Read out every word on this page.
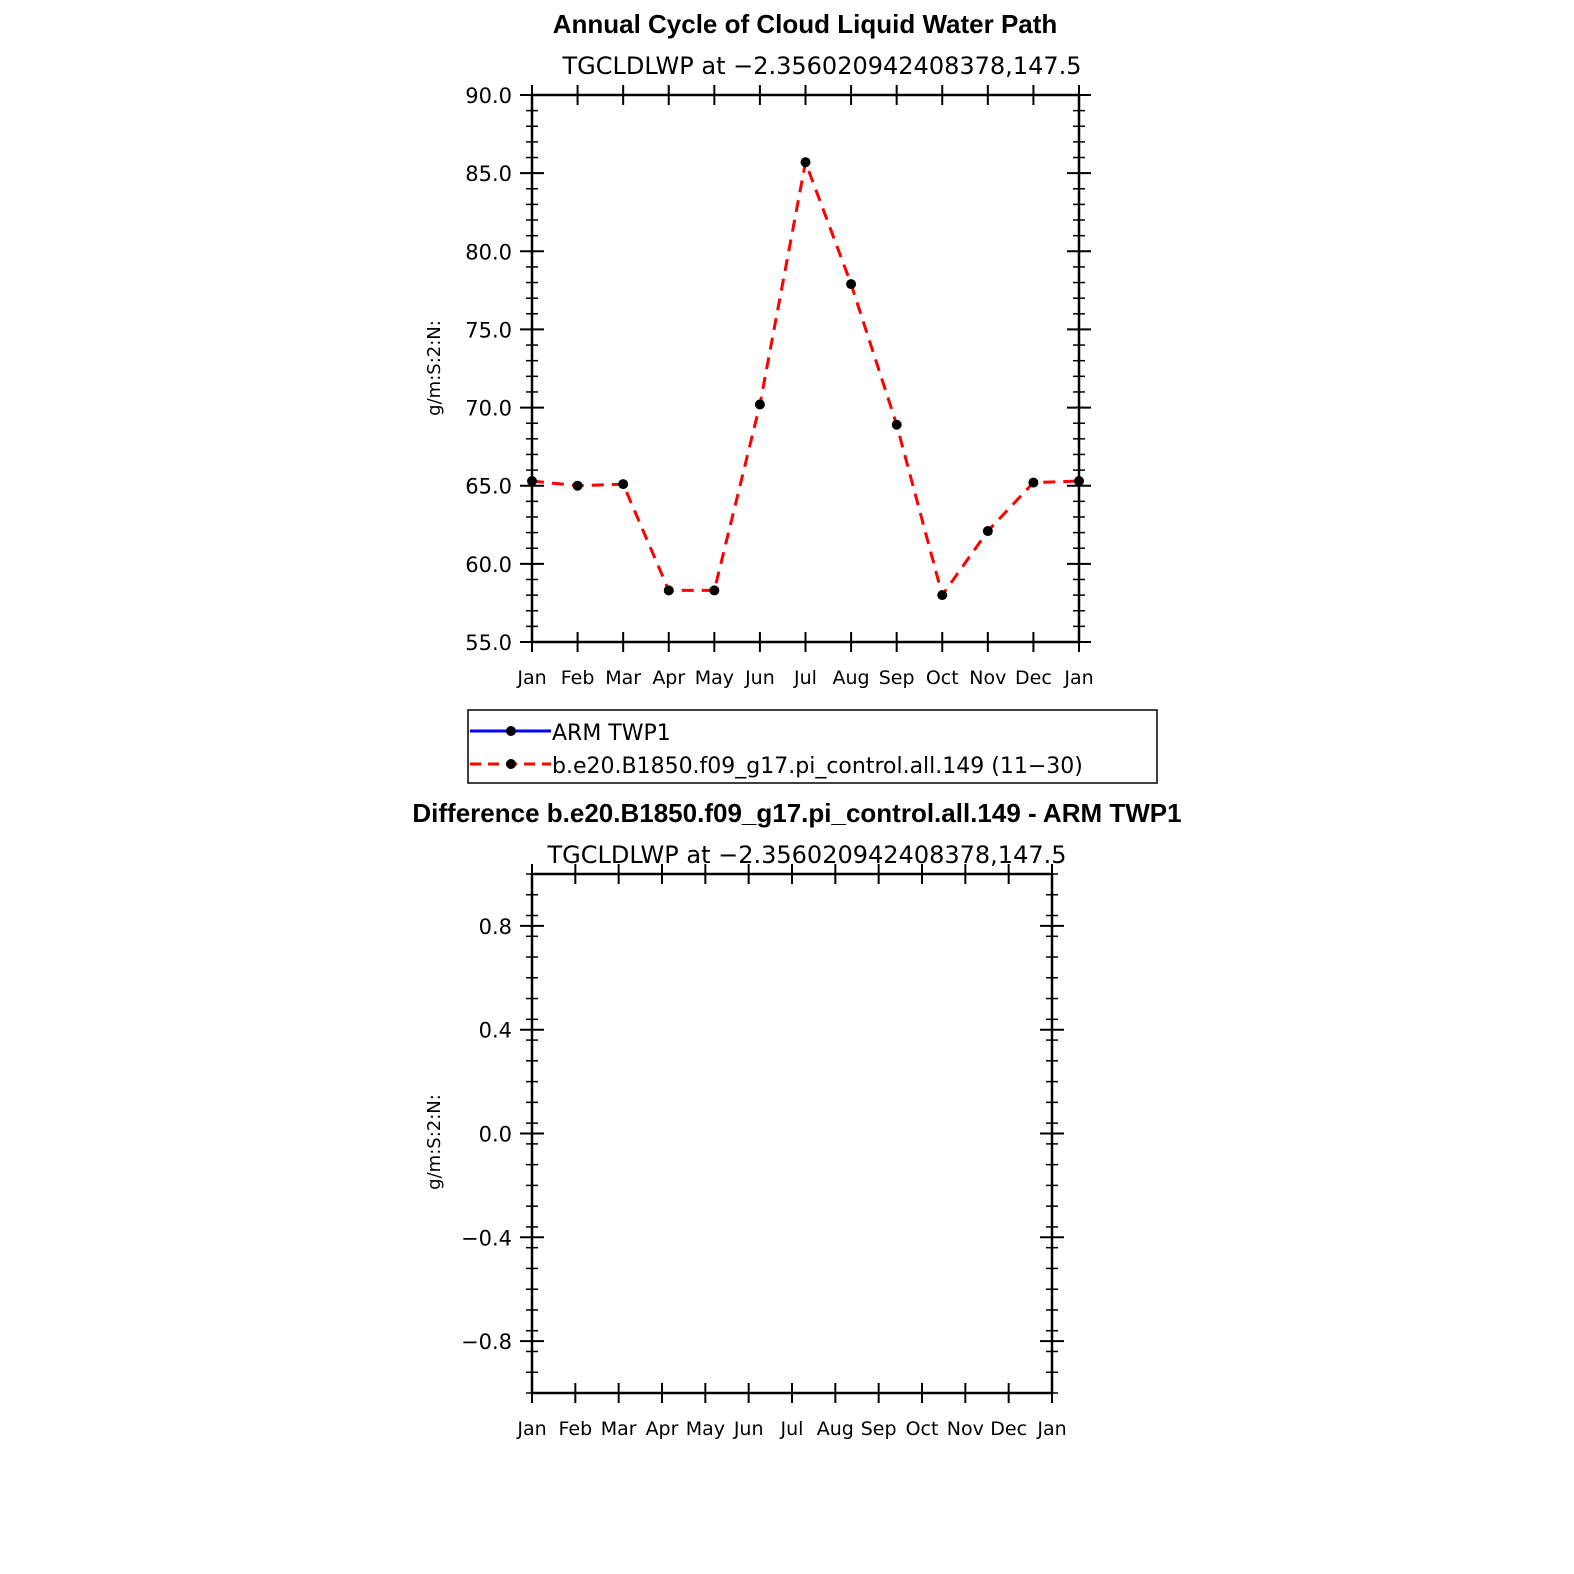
Annual Cycle of Cloud Liquid Water Path
TGCLDLWP at −2.356020942408378,147.5
g/m:S:2:N:
Jan Feb Mar Apr May Jun Jul Aug Sep Oct Nov Dec Jan
55.0
60.0
65.0
70.0
75.0
80.0
85.0
90.0
ARM TWP1
b.e20.B1850.f09_g17.pi_control.all.149 (11−30)
Difference b.e20.B1850.f09_g17.pi_control.all.149 - ARM TWP1
TGCLDLWP at −2.356020942408378,147.5
g/m:S:2:N:
Jan Feb Mar Apr May Jun Jul Aug Sep Oct Nov Dec Jan
−0.8
−0.4
0.0
0.4
0.8
